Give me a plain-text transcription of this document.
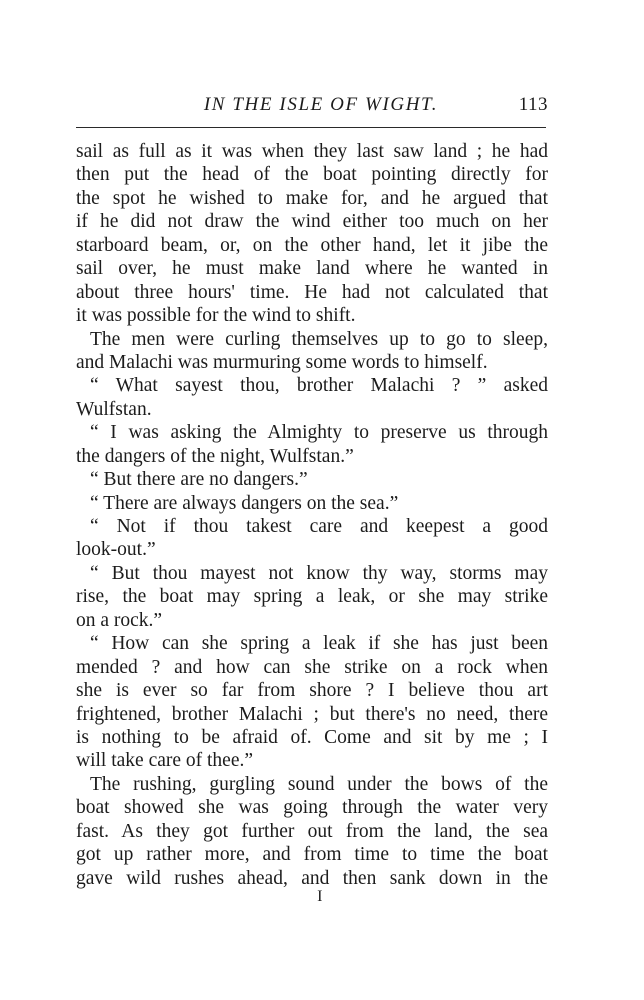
IN THE ISLE OF WIGHT.	113
sail as full as it was when they last saw land ; he had
then put the head of the boat pointing directly for
the spot he wished to make for, and he argued that
if he did not draw the wind either too much on her
starboard beam, or, on the other hand, let it jibe the
sail over, he must make land where he wanted in
about three hours' time. He had not calculated that
it was possible for the wind to shift.
The men were curling themselves up to go to sleep,
and Malachi was murmuring some words to himself.
“ What sayest thou, brother Malachi ? ” asked
Wulfstan.
“ I was asking the Almighty to preserve us through
the dangers of the night, Wulfstan.”
“ But there are no dangers.”
“ There are always dangers on the sea.”
“ Not if thou takest care and keepest a good
look-out.”
“ But thou mayest not know thy way, storms may
rise, the boat may spring a leak, or she may strike
on a rock.”
“ How can she spring a leak if she has just been
mended ? and how can she strike on a rock when
she is ever so far from shore ? I believe thou art
frightened, brother Malachi ; but there's no need, there
is nothing to be afraid of. Come and sit by me ; I
will take care of thee.”
The rushing, gurgling sound under the bows of the
boat showed she was going through the water very
fast. As they got further out from the land, the sea
got up rather more, and from time to time the boat
gave wild rushes ahead, and then sank down in the
I
